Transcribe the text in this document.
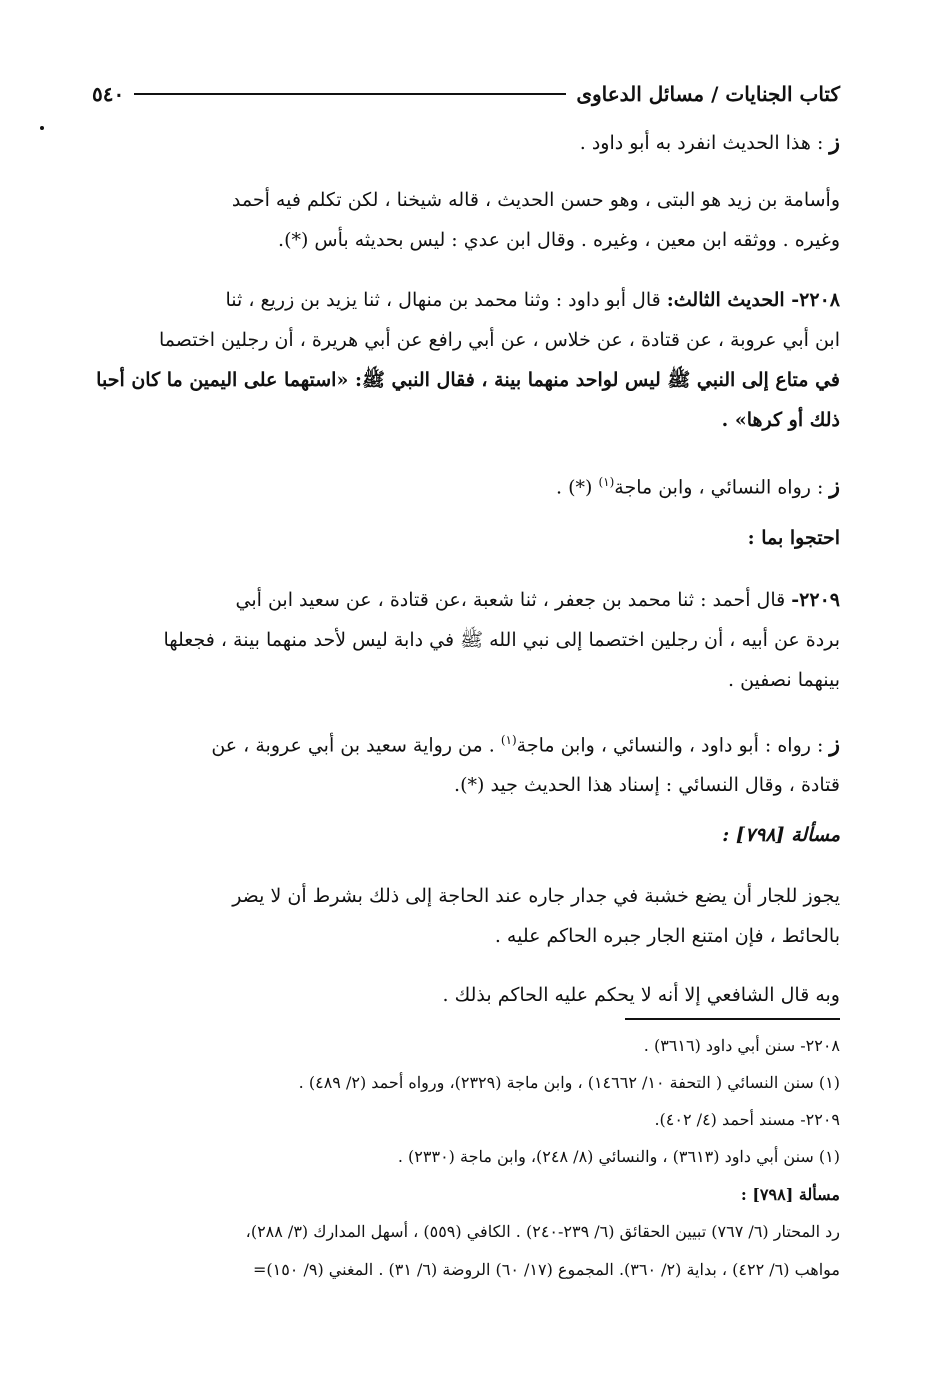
كتاب الجنايات / مسائل الدعاوى
٥٤٠
ز: هذا الحديث انفرد به أبو داود .
وأسامة بن زيد هو البتى ، وهو حسن الحديث ، قاله شيخنا ، لكن تكلم فيه أحمد
وغيره . ووثقه ابن معين ، وغيره . وقال ابن عدي : ليس بحديثه بأس (*).
٢٢٠٨- الحديث الثالث: قال أبو داود : وثنا محمد بن منهال ، ثنا يزيد بن زريع ، ثنا
ابن أبي عروبة ، عن قتادة ، عن خلاس ، عن أبي رافع عن أبي هريرة ، أن رجلين اختصما
في متاع إلى النبي ﷺ ليس لواحد منهما بينة ، فقال النبي ﷺ: «استهما على اليمين ما كان أحبا
ذلك أو كرها» .
ز: رواه النسائي ، وابن ماجة$^{(١)}$ (*) .
احتجوا بما :
٢٢٠٩- قال أحمد : ثنا محمد بن جعفر ، ثنا شعبة ،عن قتادة ، عن سعيد ابن أبي
بردة عن أبيه ، أن رجلين اختصما إلى نبي الله ﷺ في دابة ليس لأحد منهما بينة ، فجعلها
بينهما نصفين .
ز: رواه : أبو داود ، والنسائي ، وابن ماجة$^{(١)}$ . من رواية سعيد بن أبي عروبة ، عن
قتادة ، وقال النسائي : إسناد هذا الحديث جيد (*).
مسألة [٧٩٨] :
يجوز للجار أن يضع خشبة في جدار جاره عند الحاجة إلى ذلك بشرط أن لا يضر
بالحائط ، فإن امتنع الجار جبره الحاكم عليه .
وبه قال الشافعي إلا أنه لا يحكم عليه الحاكم بذلك .
٢٢٠٨- سنن أبي داود (٣٦١٦) .
(١) سنن النسائي ( التحفة ١٠/ ١٤٦٦٢) ، وابن ماجة (٢٣٢٩)، ورواه أحمد (٢/ ٤٨٩) .
٢٢٠٩- مسند أحمد (٤/ ٤٠٢).
(١) سنن أبي داود (٣٦١٣) ، والنسائي (٨/ ٢٤٨)، وابن ماجة (٢٣٣٠) .
مسألة [٧٩٨] :
رد المحتار (٦/ ٧٦٧) تبيين الحقائق (٦/ ٢٣٩-٢٤٠) . الكافي (٥٥٩) ، أسهل المدارك (٣/ ٢٨٨)،
مواهب (٦/ ٤٢٢) ، بداية (٢/ ٣٦٠). المجموع (١٧/ ٦٠) الروضة (٦/ ٣١) . المغني (٩/ ١٥٠)=
